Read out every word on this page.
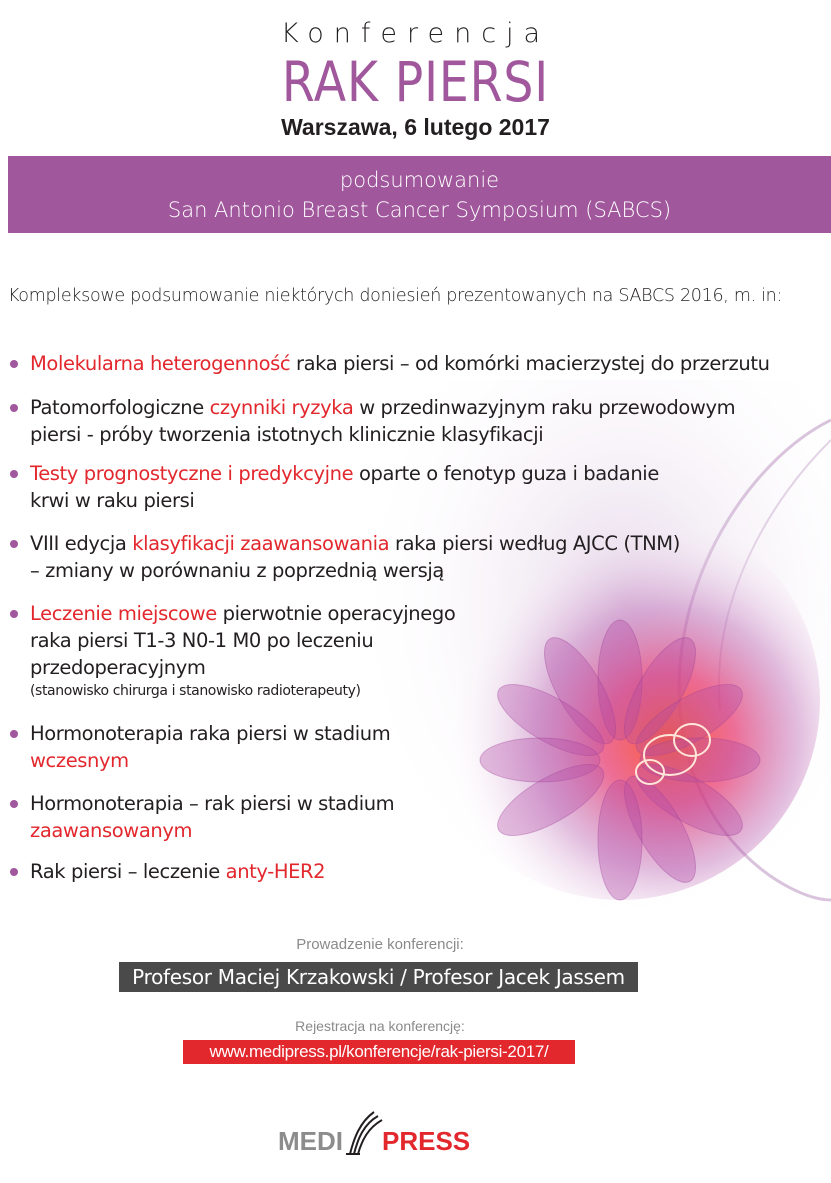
Konferencja
RAK PIERSI
Warszawa, 6 lutego 2017
podsumowanie
San Antonio Breast Cancer Symposium (SABCS)
Kompleksowe podsumowanie niektórych doniesień prezentowanych na SABCS 2016, m. in:
Molekularna heterogenność raka piersi – od komórki macierzystej do przerzutu
Patomorfologiczne czynniki ryzyka w przedinwazyjnym raku przewodowym
piersi - próby tworzenia istotnych klinicznie klasyfikacji
Testy prognostyczne i predykcyjne oparte o fenotyp guza i badanie
krwi w raku piersi
VIII edycja klasyfikacji zaawansowania raka piersi według AJCC (TNM)
– zmiany w porównaniu z poprzednią wersją
Leczenie miejscowe pierwotnie operacyjnego
raka piersi T1-3 N0-1 M0 po leczeniu
przedoperacyjnym
(stanowisko chirurga i stanowisko radioterapeuty)
Hormonoterapia raka piersi w stadium
wczesnym
Hormonoterapia – rak piersi w stadium
zaawansowanym
Rak piersi – leczenie anty-HER2
Prowadzenie konferencji:
Profesor Maciej Krzakowski / Profesor Jacek Jassem
Rejestracja na konferencję:
www.medipress.pl/konferencje/rak-piersi-2017/
MEDI PRESS
